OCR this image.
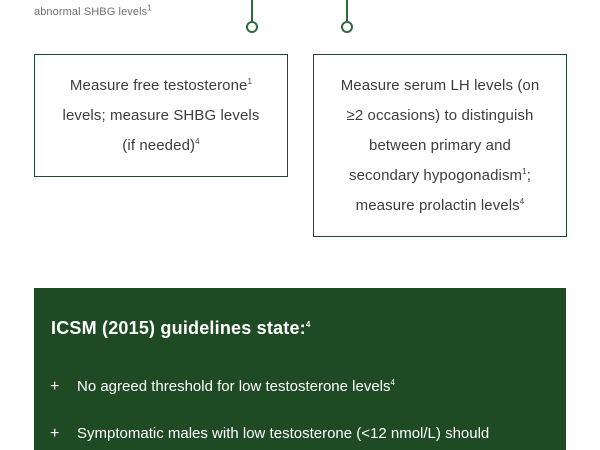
abnormal SHBG levels$^1$
Measure free testosterone$^1$
levels; measure SHBG levels
(if needed)$^4$
Measure serum LH levels (on
≥2 occasions) to distinguish
between primary and
secondary hypogonadism$^1$;
measure prolactin levels$^4$
ICSM (2015) guidelines state:$^4$
+ No agreed threshold for low testosterone levels$^4$
+ Symptomatic males with low testosterone (<12 nmol/L) should
